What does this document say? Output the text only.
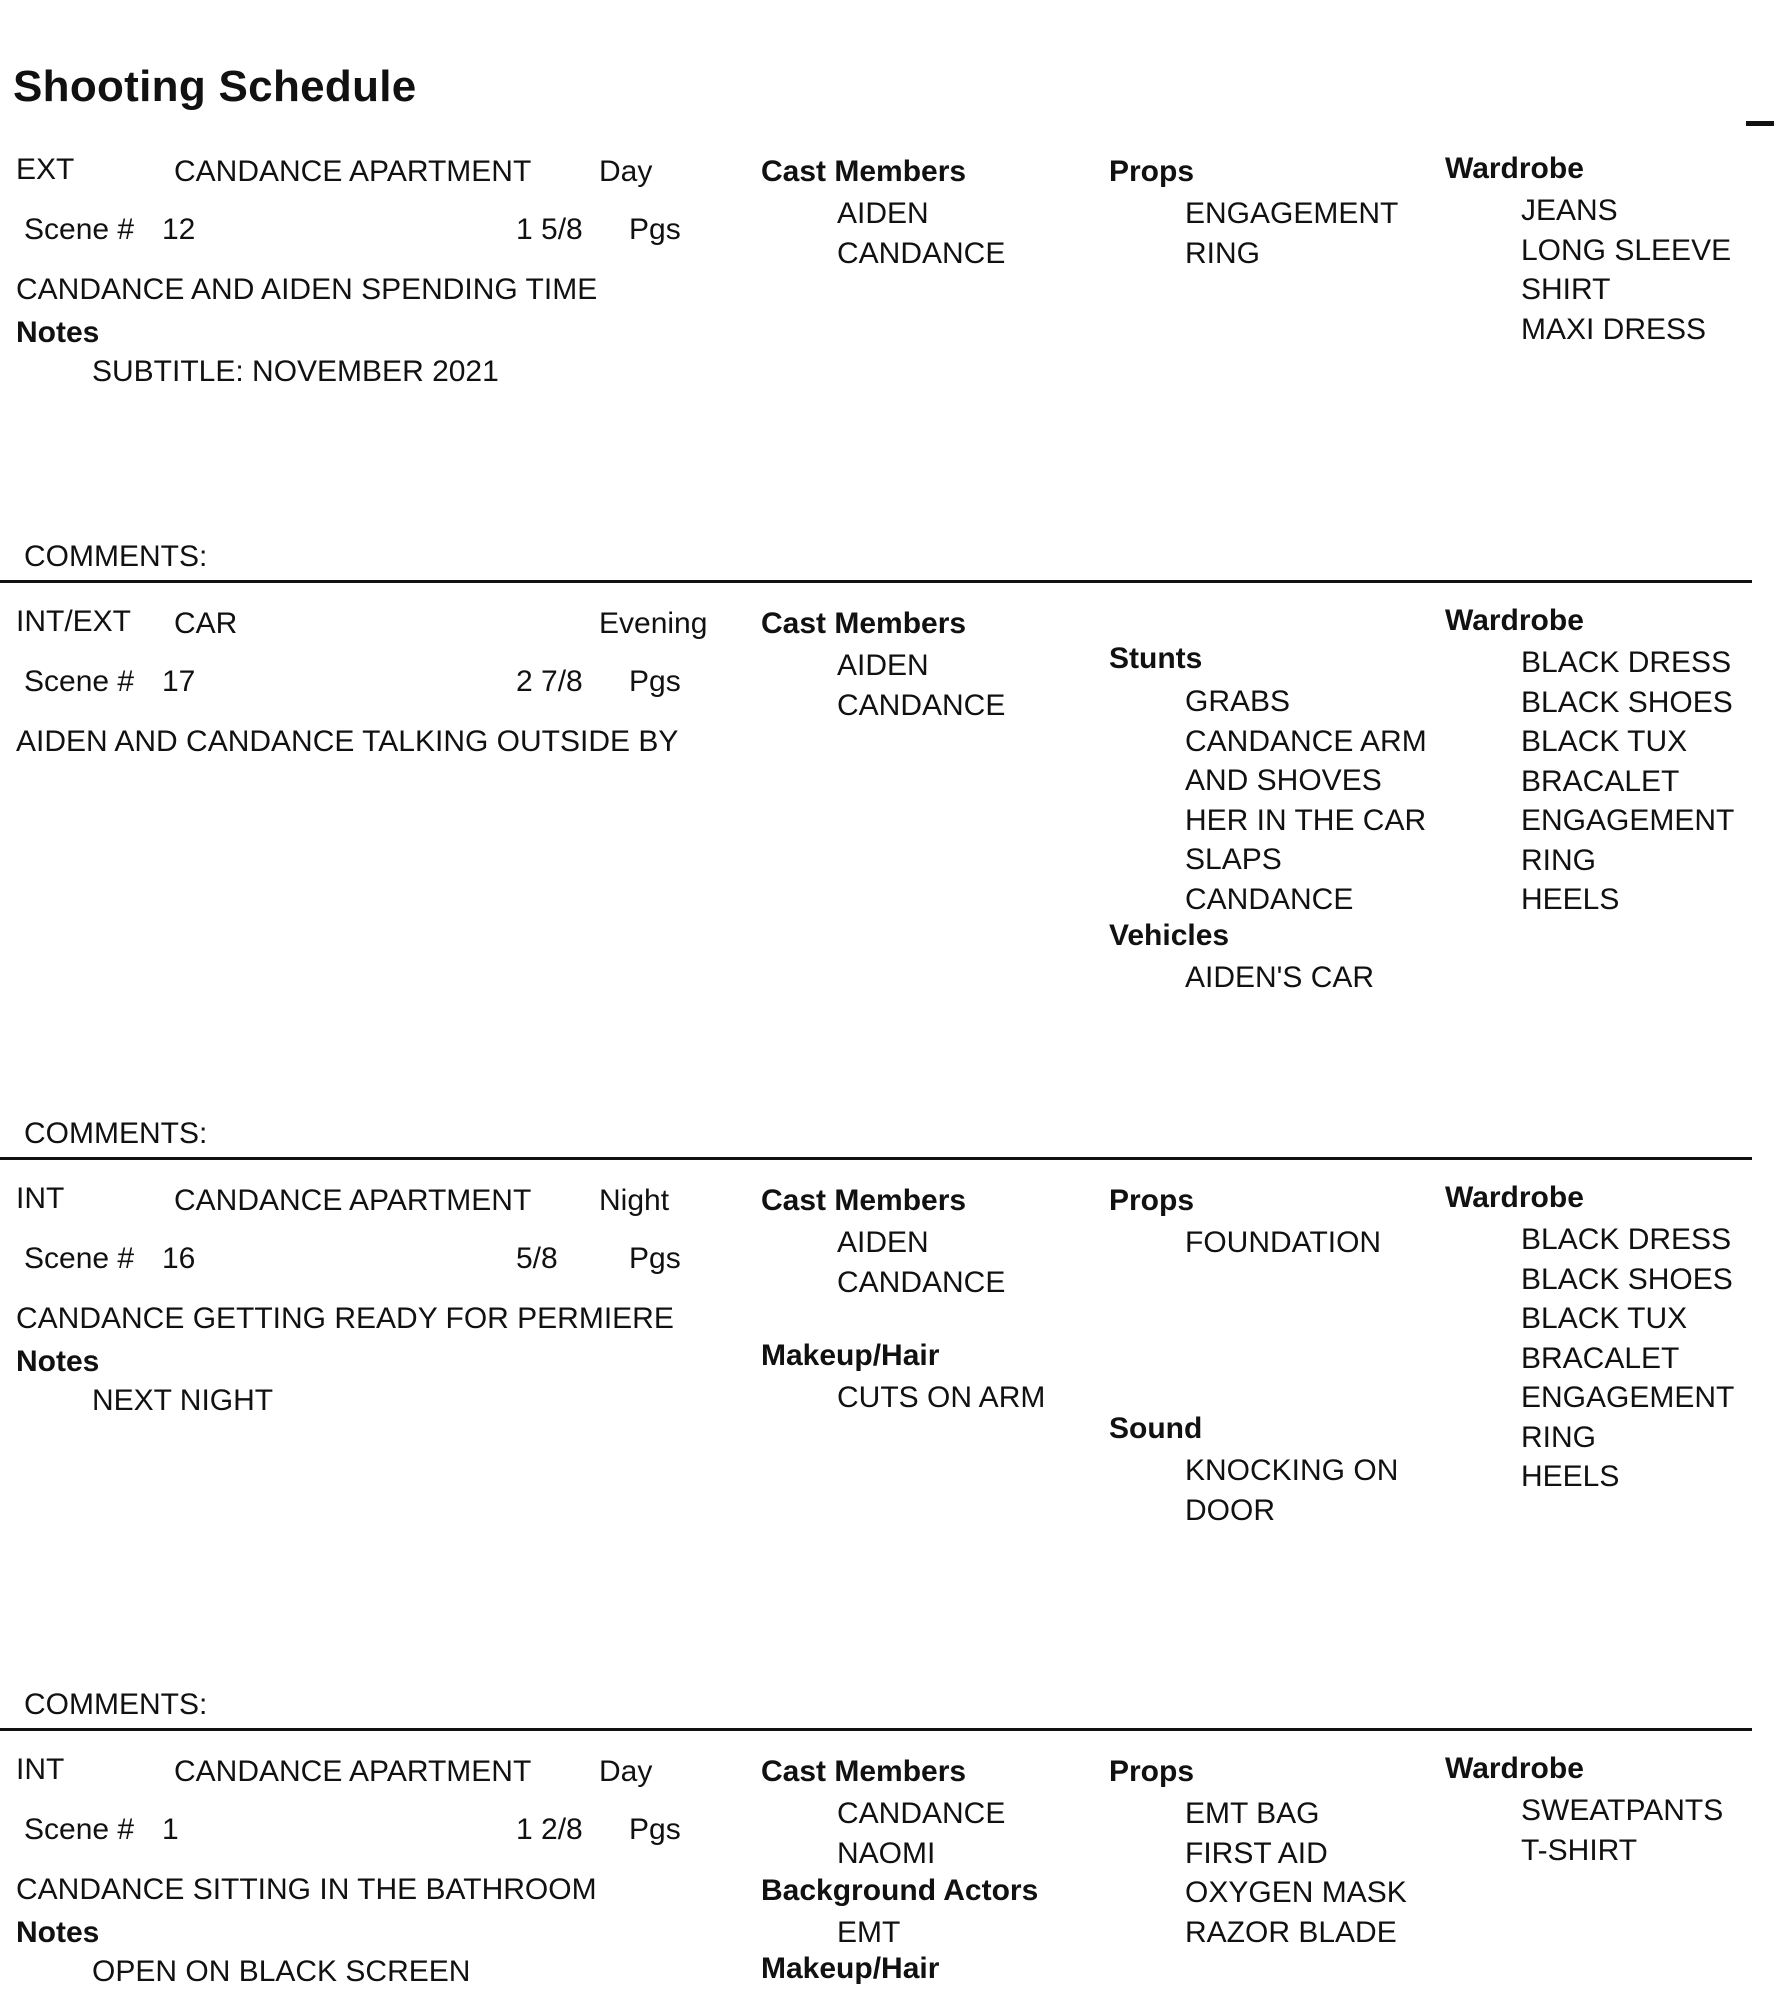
Shooting Schedule
EXT	CANDANCE APARTMENT Day
Scene # 12	1 5/8 Pgs
CANDANCE AND AIDEN SPENDING TIME
Notes
SUBTITLE: NOVEMBER 2021
Cast Members
AIDEN
CANDANCE
Props
ENGAGEMENT
RING
Wardrobe
JEANS
LONG SLEEVE
SHIRT
MAXI DRESS
COMMENTS:
INT/EXT CAR	Evening
Scene # 17	2 7/8 Pgs
AIDEN AND CANDANCE TALKING OUTSIDE BY
Cast Members
AIDEN
CANDANCE
Stunts
GRABS
CANDANCE ARM
AND SHOVES
HER IN THE CAR
SLAPS
CANDANCE
Vehicles
AIDEN'S CAR
Wardrobe
BLACK DRESS
BLACK SHOES
BLACK TUX
BRACALET
ENGAGEMENT
RING
HEELS
COMMENTS:
INT	CANDANCE APARTMENT Night
Scene # 16	5/8 Pgs
CANDANCE GETTING READY FOR PERMIERE
Notes
NEXT NIGHT
Cast Members
AIDEN
CANDANCE
Props
FOUNDATION
Sound
KNOCKING ON
DOOR
Makeup/Hair
CUTS ON ARM
Wardrobe
BLACK DRESS
BLACK SHOES
BLACK TUX
BRACALET
ENGAGEMENT
RING
HEELS
COMMENTS:
INT	CANDANCE APARTMENT Day
Scene # 1	1 2/8 Pgs
CANDANCE SITTING IN THE BATHROOM
Notes
OPEN ON BLACK SCREEN
Cast Members
CANDANCE
NAOMI
Props
EMT BAG
FIRST AID
OXYGEN MASK
RAZOR BLADE
Background Actors
EMT
Makeup/Hair
Wardrobe
SWEATPANTS
T-SHIRT
